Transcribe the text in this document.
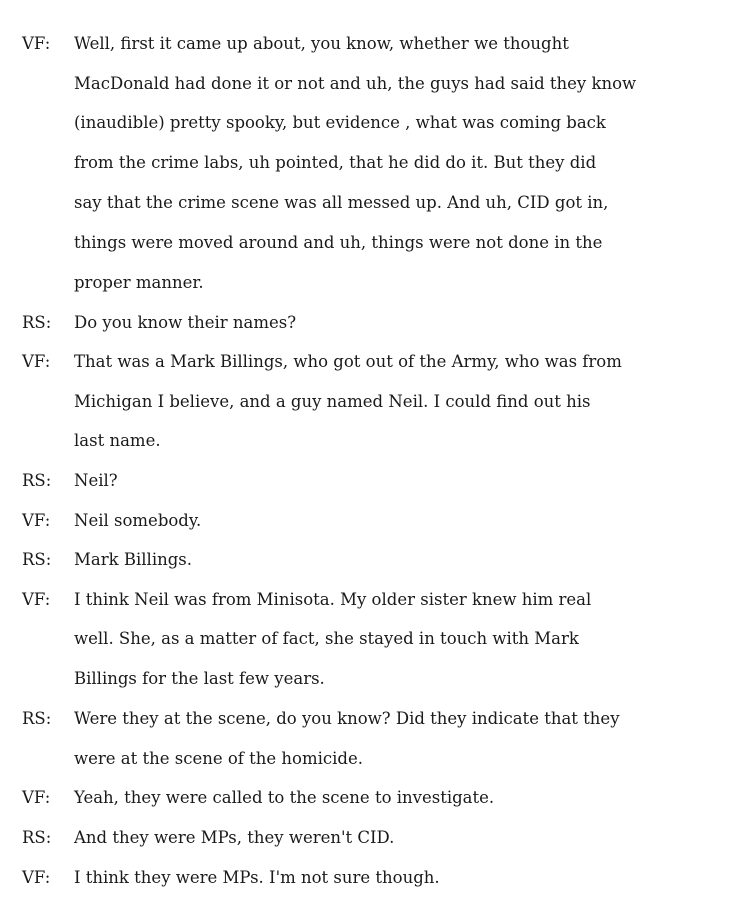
VF: Well, first it came up about, you know, whether we thought
MacDonald had done it or not and uh, the guys had said they know
(inaudible) pretty spooky, but evidence , what was coming back
from the crime labs, uh pointed, that he did do it. But they did
say that the crime scene was all messed up. And uh, CID got in,
things were moved around and uh, things were not done in the
proper manner.
RS: Do you know their names?
VF: That was a Mark Billings, who got out of the Army, who was from
Michigan I believe, and a guy named Neil. I could find out his
last name.
RS: Neil?
VF: Neil somebody.
RS: Mark Billings.
VF: I think Neil was from Minisota. My older sister knew him real
well. She, as a matter of fact, she stayed in touch with Mark
Billings for the last few years.
RS: Were they at the scene, do you know? Did they indicate that they
were at the scene of the homicide.
VF: Yeah, they were called to the scene to investigate.
RS: And they were MPs, they weren't CID.
VF: I think they were MPs. I'm not sure though.
